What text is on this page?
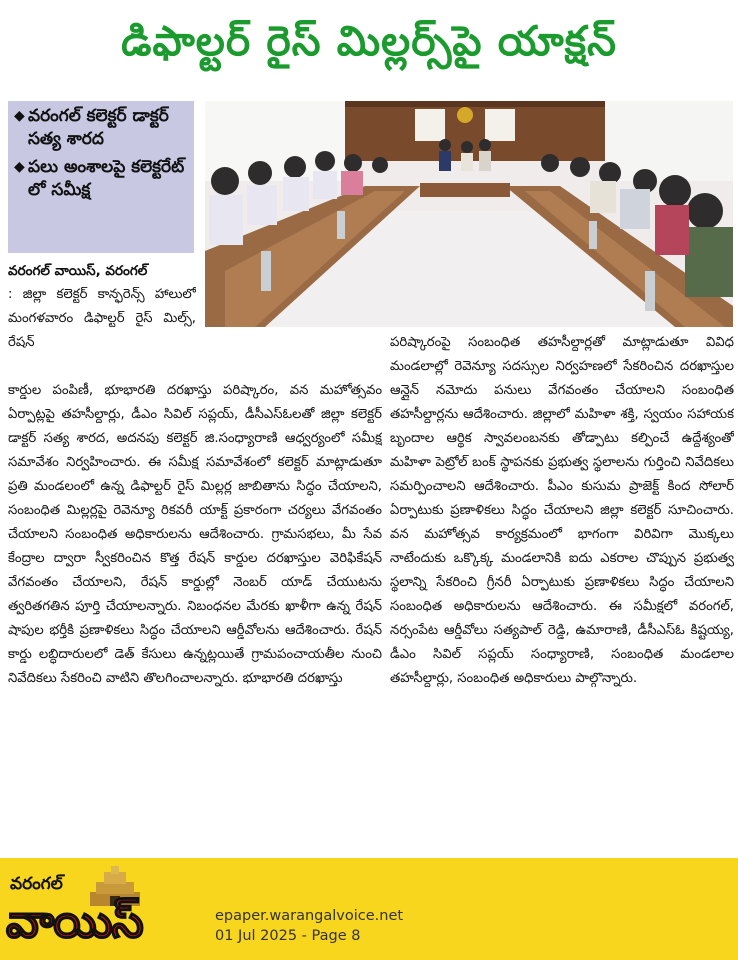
డిఫాల్టర్ రైస్ మిల్లర్స్‌పై యాక్షన్
◆ వరంగల్ కలెక్టర్ డాక్టర్ సత్య శారద
◆ పలు అంశాలపై కలెక్టరేట్ లో సమీక్ష
వరంగల్ వాయిస్, వరంగల్
: జిల్లా కలెక్టర్ కాన్ఫరెన్స్ హాలులో మంగళవారం డిఫాల్టర్ రైస్ మిల్స్, రేషన్
కార్డుల పంపిణీ, భూభారతి దరఖాస్తు పరిష్కారం, వన మహోత్సవం ఏర్పాట్లపై తహసీల్దార్లు, డీఎం సివిల్ సప్లయ్, డీసీఎస్‌ఓలతో జిల్లా కలెక్టర్ డాక్టర్ సత్య శారద, అదనపు కలెక్టర్ జి.సంధ్యారాణి ఆధ్వర్యంలో సమీక్ష సమావేశం నిర్వహించారు. ఈ సమీక్ష సమావేశంలో కలెక్టర్ మాట్లాడుతూ ప్రతి మండలంలో ఉన్న డిఫాల్టర్ రైస్ మిల్లర్ల జాబితాను సిద్ధం చేయాలని, సంబంధిత మిల్లర్లపై రెవెన్యూ రికవరీ యాక్ట్ ప్రకారంగా చర్యలు వేగవంతం చేయాలని సంబంధిత అధికారులను ఆదేశించారు. గ్రామసభలు, మీ సేవ కేంద్రాల ద్వారా స్వీకరించిన కొత్త రేషన్ కార్డుల దరఖాస్తుల వెరిఫికేషన్ వేగవంతం చేయాలని, రేషన్ కార్డుల్లో నెంబర్ యాడ్ చేయుటను త్వరితగతిన పూర్తి చేయాలన్నారు. నిబంధనల మేరకు ఖాళీగా ఉన్న రేషన్ షాపుల భర్తీకి ప్రణాళికలు సిద్ధం చేయాలని ఆర్డీవోలను ఆదేశించారు. రేషన్ కార్డు లబ్ధిదారులలో డెత్ కేసులు ఉన్నట్లయితే గ్రామపంచాయతీల నుంచి నివేదికలు సేకరించి వాటిని తొలగించాలన్నారు. భూభారతి దరఖాస్తు
పరిష్కారంపై సంబంధిత తహసీల్దార్లతో మాట్లాడుతూ వివిధ మండలాల్లో రెవెన్యూ సదస్సుల నిర్వహణలో సేకరించిన దరఖాస్తుల ఆన్లైన్ నమోదు పనులు వేగవంతం చేయాలని సంబంధిత తహసీల్దార్లను ఆదేశించారు. జిల్లాలో మహిళా శక్తి, స్వయం సహాయక బృందాల ఆర్థిక స్వావలంబనకు తోడ్పాటు కల్పించే ఉద్దేశ్యంతో మహిళా పెట్రోల్ బంక్ స్థాపనకు ప్రభుత్వ స్థలాలను గుర్తించి నివేదికలు సమర్పించాలని ఆదేశించారు. పీఎం కుసుమ ప్రాజెక్ట్ కింద సోలార్ ఏర్పాటుకు ప్రణాళికలు సిద్ధం చేయాలని జిల్లా కలెక్టర్ సూచించారు. వన మహోత్సవ కార్యక్రమంలో భాగంగా విరివిగా మొక్కలు నాటేందుకు ఒక్కొక్క మండలానికి ఐదు ఎకరాల చొప్పున ప్రభుత్వ స్థలాన్ని సేకరించి గ్రీనరీ ఏర్పాటుకు ప్రణాళికలు సిద్ధం చేయాలని సంబంధిత అధికారులను ఆదేశించారు. ఈ సమీక్షలో వరంగల్, నర్సంపేట ఆర్డీవోలు సత్యపాల్ రెడ్డి, ఉమారాణి, డీసీఎస్ఓ కిష్టయ్య, డీఎం సివిల్ సప్లయ్ సంధ్యారాణి, సంబంధిత మండలాల తహసీల్దార్లు, సంబంధిత అధికారులు పాల్గొన్నారు.
వరంగల్
వాయిస్	epaper.warangalvoice.net
01 Jul 2025 - Page 8
